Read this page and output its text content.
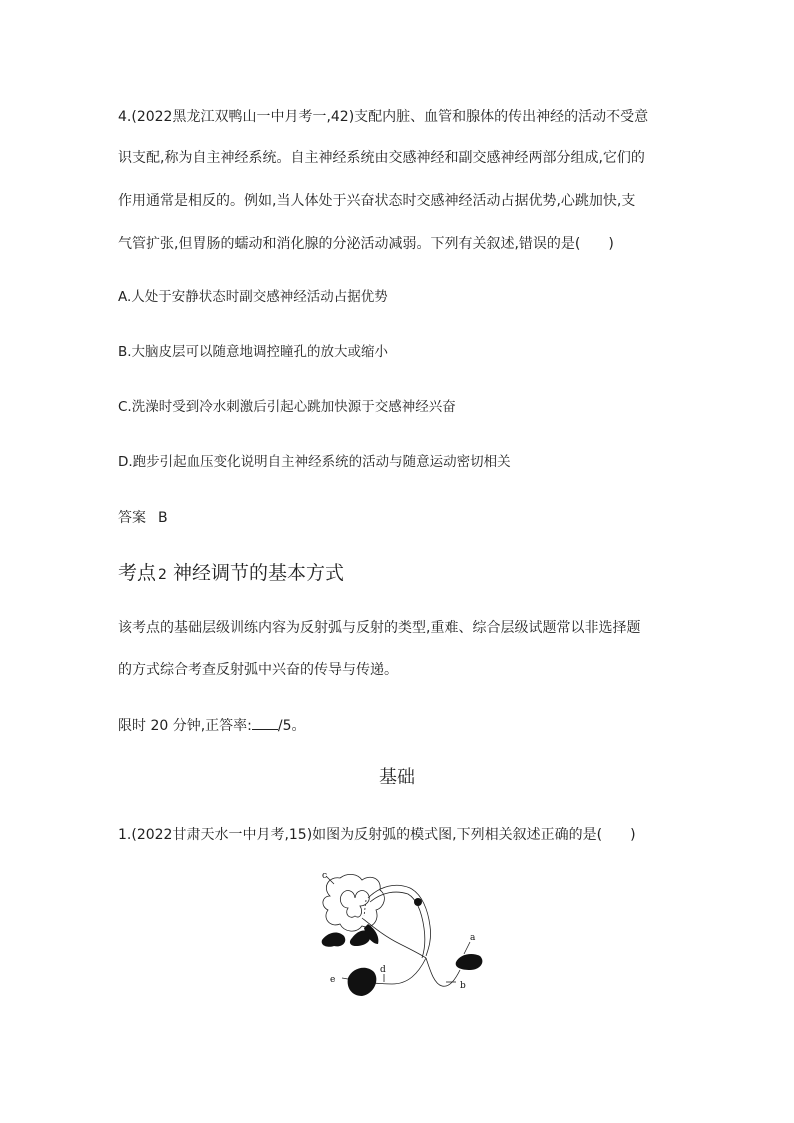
4.(2022黑龙江双鸭山一中月考一,42)支配内脏、血管和腺体的传出神经的活动不受意
识支配,称为自主神经系统。自主神经系统由交感神经和副交感神经两部分组成,它们的
作用通常是相反的。例如,当人体处于兴奋状态时交感神经活动占据优势,心跳加快,支
气管扩张,但胃肠的蠕动和消化腺的分泌活动减弱。下列有关叙述,错误的是(　　)
A.人处于安静状态时副交感神经活动占据优势
B.大脑皮层可以随意地调控瞳孔的放大或缩小
C.洗澡时受到冷水刺激后引起心跳加快源于交感神经兴奋
D.跑步引起血压变化说明自主神经系统的活动与随意运动密切相关
答案 B
考点 2 神经调节的基本方式
该考点的基础层级训练内容为反射弧与反射的类型,重难、综合层级试题常以非选择题
的方式综合考查反射弧中兴奋的传导与传递。
限时 20 分钟,正答率: /5。
基础
1.(2022甘肃天水一中月考,15)如图为反射弧的模式图,下列相关叙述正确的是(　　)
c
a
b
d
e
